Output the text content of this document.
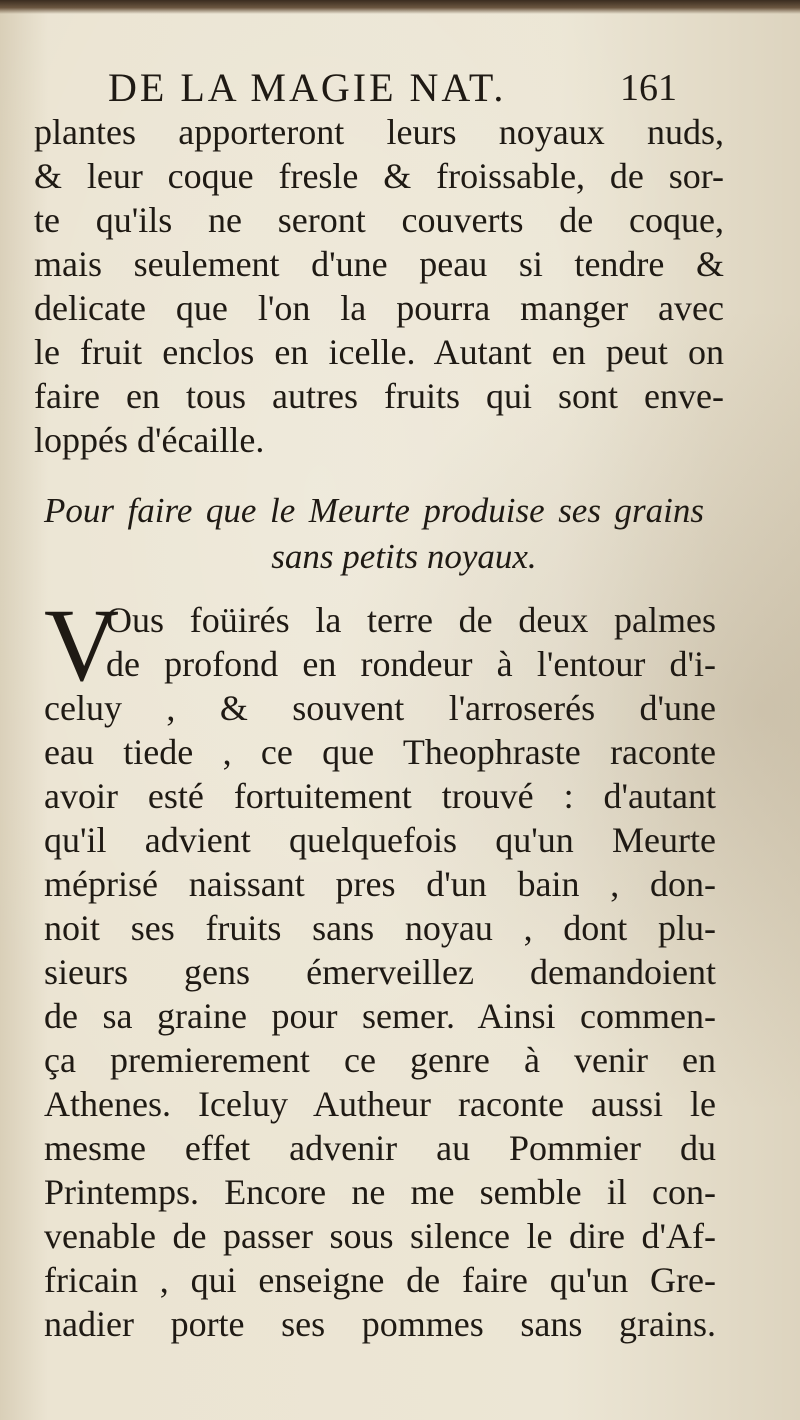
DE LA MAGIE NAT.	161
plantes apporteront leurs noyaux nuds,
& leur coque fresle & froissable, de sor-
te qu'ils ne seront couverts de coque,
mais seulement d'une peau si tendre &
delicate que l'on la pourra manger avec
le fruit enclos en icelle. Autant en peut on
faire en tous autres fruits qui sont enve-
loppés d'écaille.
Pour faire que le Meurte produise ses grains
sans petits noyaux.
V
Ous foüirés la terre de deux palmes
de profond en rondeur à l'entour d'i-
celuy , & souvent l'arroserés d'une
eau tiede , ce que Theophraste raconte
avoir esté fortuitement trouvé : d'autant
qu'il advient quelquefois qu'un Meurte
méprisé naissant pres d'un bain , don-
noit ses fruits sans noyau , dont plu-
sieurs gens émerveillez demandoient
de sa graine pour semer. Ainsi commen-
ça premierement ce genre à venir en
Athenes. Iceluy Autheur raconte aussi le
mesme effet advenir au Pommier du
Printemps. Encore ne me semble il con-
venable de passer sous silence le dire d'Af-
fricain , qui enseigne de faire qu'un Gre-
nadier porte ses pommes sans grains.
